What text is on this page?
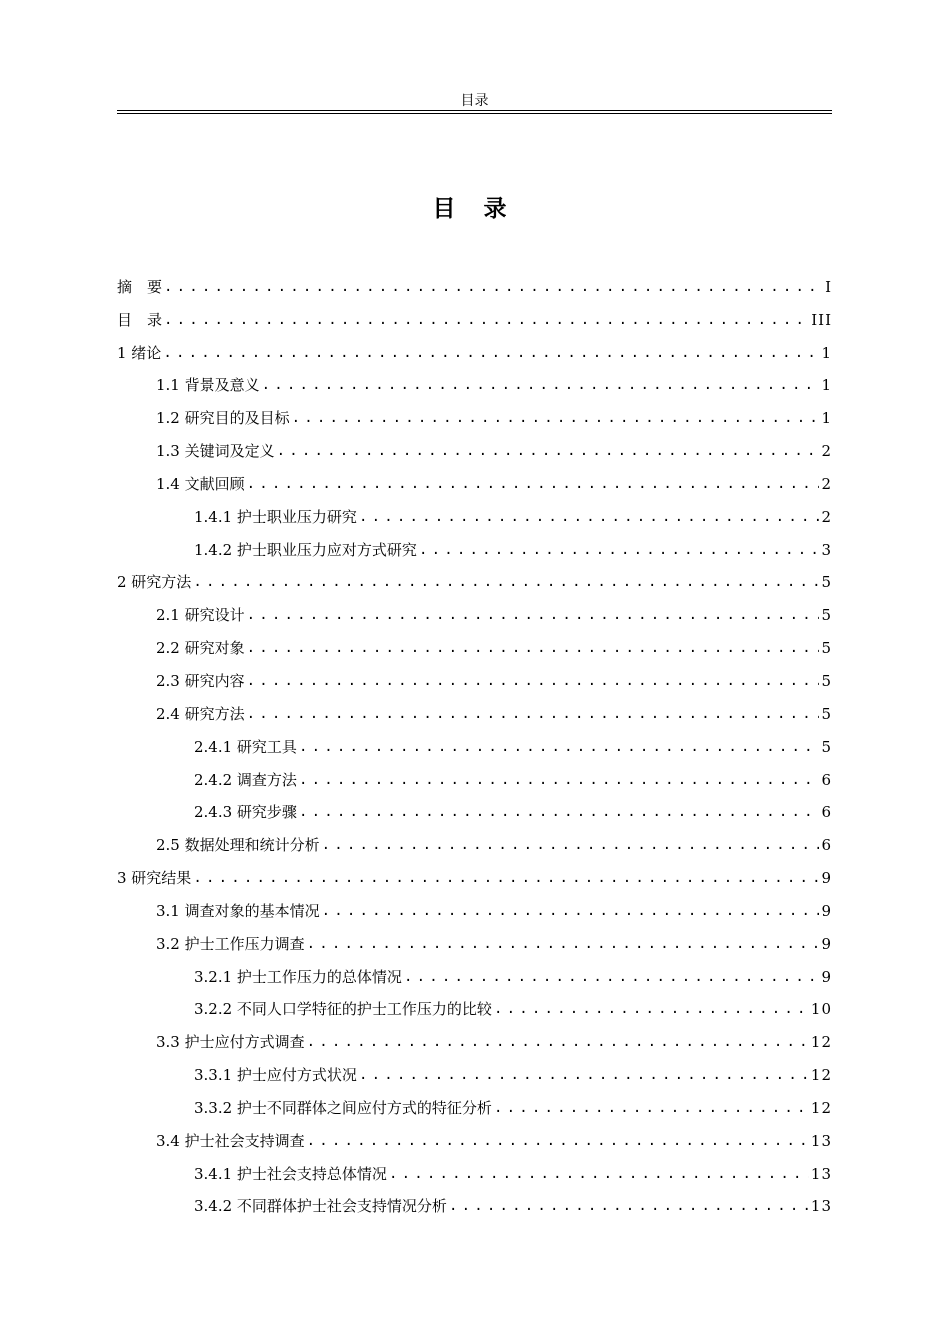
目录
目 录
摘　要 .....	I
目　录 .....	III
1 绪论 .....	1
1.1 背景及意义 .....	1
1.2 研究目的及目标 .....	1
1.3 关键词及定义 .....	2
1.4 文献回顾 .....	2
1.4.1 护士职业压力研究 .....	2
1.4.2 护士职业压力应对方式研究 .....	3
2 研究方法 .....	5
2.1 研究设计 .....	5
2.2 研究对象 .....	5
2.3 研究内容 .....	5
2.4 研究方法 .....	5
2.4.1 研究工具 .....	5
2.4.2 调查方法 .....	6
2.4.3 研究步骤 .....	6
2.5 数据处理和统计分析 .....	6
3 研究结果 .....	9
3.1 调查对象的基本情况 .....	9
3.2 护士工作压力调查 .....	9
3.2.1 护士工作压力的总体情况 .....	9
3.2.2 不同人口学特征的护士工作压力的比较 .....	10
3.3 护士应付方式调查 .....	12
3.3.1 护士应付方式状况 .....	12
3.3.2 护士不同群体之间应付方式的特征分析 .....	12
3.4 护士社会支持调查 .....	13
3.4.1 护士社会支持总体情况 .....	13
3.4.2 不同群体护士社会支持情况分析 .....	13
